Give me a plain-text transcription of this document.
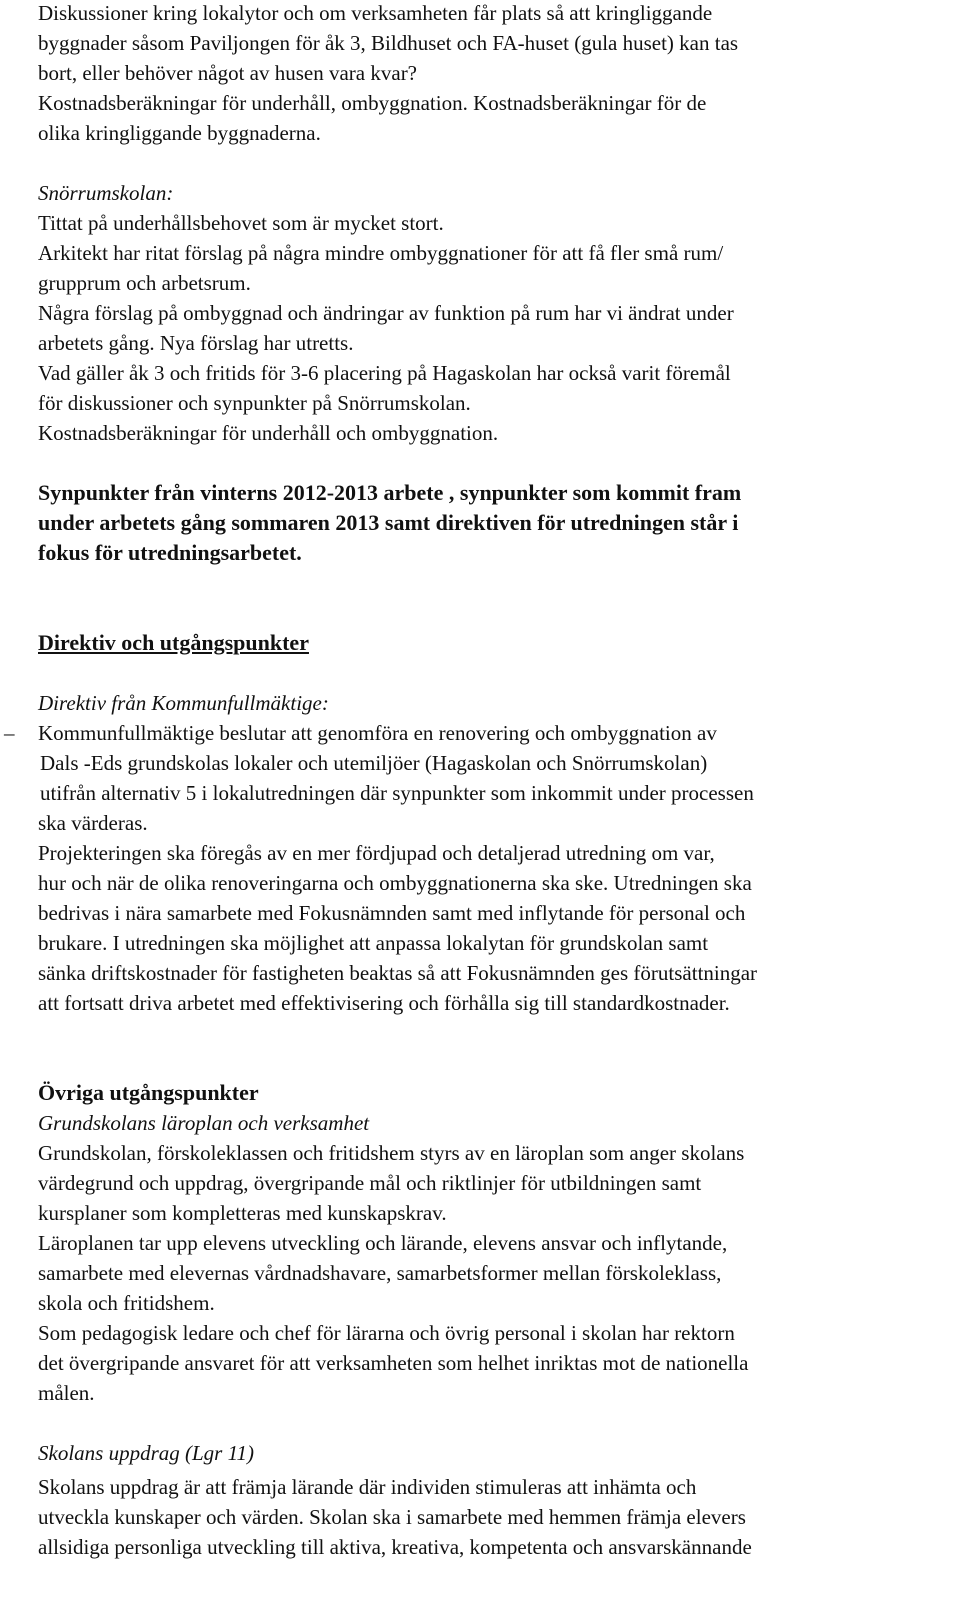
Diskussioner kring lokalytor och om verksamheten får plats så att kringliggande
byggnader såsom Paviljongen för åk 3, Bildhuset och FA-huset (gula huset) kan tas
bort, eller behöver något av husen vara kvar?
Kostnadsberäkningar för underhåll, ombyggnation. Kostnadsberäkningar för de
olika kringliggande byggnaderna.
Snörrumskolan:
Tittat på underhållsbehovet som är mycket stort.
Arkitekt har ritat förslag på några mindre ombyggnationer för att få fler små rum/
grupprum och arbetsrum.
Några förslag på ombyggnad och ändringar av funktion på rum har vi ändrat under
arbetets gång. Nya förslag har utretts.
Vad gäller åk 3 och fritids för 3-6 placering på Hagaskolan har också varit föremål
för diskussioner och synpunkter på Snörrumskolan.
Kostnadsberäkningar för underhåll och ombyggnation.
Synpunkter från vinterns 2012-2013 arbete , synpunkter som kommit fram
under arbetets gång sommaren 2013 samt direktiven för utredningen står i
fokus för utredningsarbetet.
Direktiv och utgångspunkter
Direktiv från Kommunfullmäktige:
– Kommunfullmäktige beslutar att genomföra en renovering och ombyggnation av
Dals -Eds grundskolas lokaler och utemiljöer (Hagaskolan och Snörrumskolan)
utifrån alternativ 5 i lokalutredningen där synpunkter som inkommit under processen
ska värderas.
Projekteringen ska föregås av en mer fördjupad och detaljerad utredning om var,
hur och när de olika renoveringarna och ombyggnationerna ska ske. Utredningen ska
bedrivas i nära samarbete med Fokusnämnden samt med inflytande för personal och
brukare. I utredningen ska möjlighet att anpassa lokalytan för grundskolan samt
sänka driftskostnader för fastigheten beaktas så att Fokusnämnden ges förutsättningar
att fortsatt driva arbetet med effektivisering och förhålla sig till standardkostnader.
Övriga utgångspunkter
Grundskolans läroplan och verksamhet
Grundskolan, förskoleklassen och fritidshem styrs av en läroplan som anger skolans
värdegrund och uppdrag, övergripande mål och riktlinjer för utbildningen samt
kursplaner som kompletteras med kunskapskrav.
Läroplanen tar upp elevens utveckling och lärande, elevens ansvar och inflytande,
samarbete med elevernas vårdnadshavare, samarbetsformer mellan förskoleklass,
skola och fritidshem.
Som pedagogisk ledare och chef för lärarna och övrig personal i skolan har rektorn
det övergripande ansvaret för att verksamheten som helhet inriktas mot de nationella
målen.
Skolans uppdrag (Lgr 11)
Skolans uppdrag är att främja lärande där individen stimuleras att inhämta och
utveckla kunskaper och värden. Skolan ska i samarbete med hemmen främja elevers
allsidiga personliga utveckling till aktiva, kreativa, kompetenta och ansvarskännande
